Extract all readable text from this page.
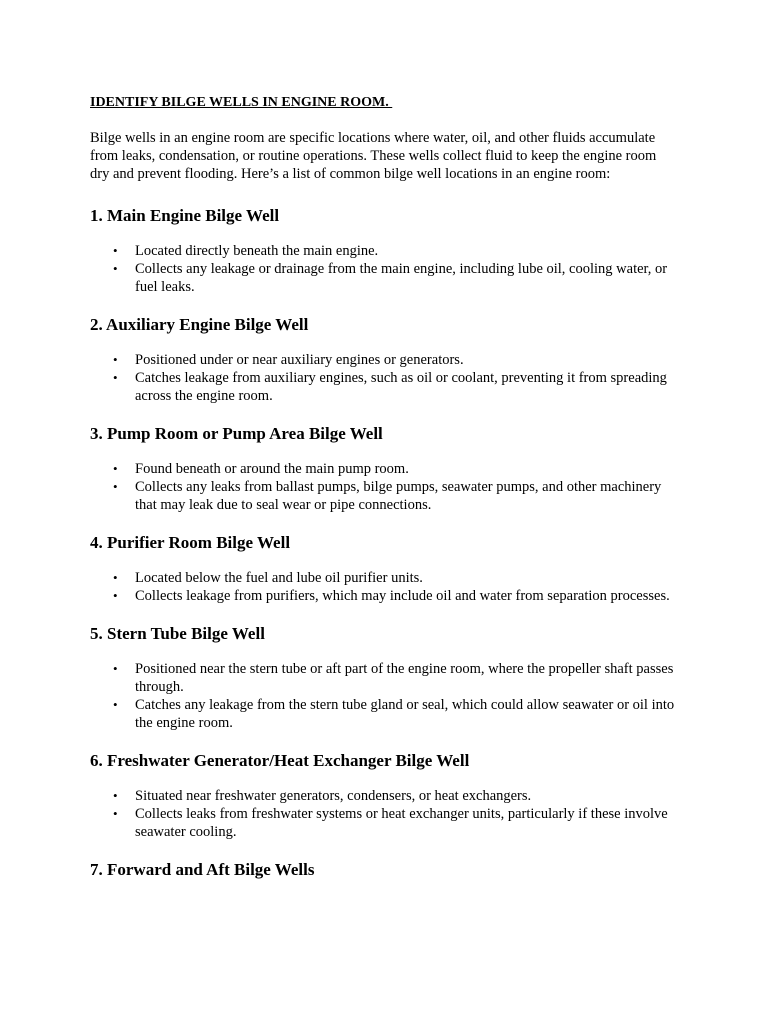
IDENTIFY BILGE WELLS IN ENGINE ROOM.

Bilge wells in an engine room are specific locations where water, oil, and other fluids accumulate from leaks, condensation, or routine operations. These wells collect fluid to keep the engine room dry and prevent flooding. Here’s a list of common bilge well locations in an engine room:

1. Main Engine Bilge Well
• Located directly beneath the main engine.
• Collects any leakage or drainage from the main engine, including lube oil, cooling water, or fuel leaks.
2. Auxiliary Engine Bilge Well
• Positioned under or near auxiliary engines or generators.
• Catches leakage from auxiliary engines, such as oil or coolant, preventing it from spreading across the engine room.
3. Pump Room or Pump Area Bilge Well
• Found beneath or around the main pump room.
• Collects any leaks from ballast pumps, bilge pumps, seawater pumps, and other machinery that may leak due to seal wear or pipe connections.
4. Purifier Room Bilge Well
• Located below the fuel and lube oil purifier units.
• Collects leakage from purifiers, which may include oil and water from separation processes.
5. Stern Tube Bilge Well
• Positioned near the stern tube or aft part of the engine room, where the propeller shaft passes through.
• Catches any leakage from the stern tube gland or seal, which could allow seawater or oil into the engine room.
6. Freshwater Generator/Heat Exchanger Bilge Well
• Situated near freshwater generators, condensers, or heat exchangers.
• Collects leaks from freshwater systems or heat exchanger units, particularly if these involve seawater cooling.
7. Forward and Aft Bilge Wells
